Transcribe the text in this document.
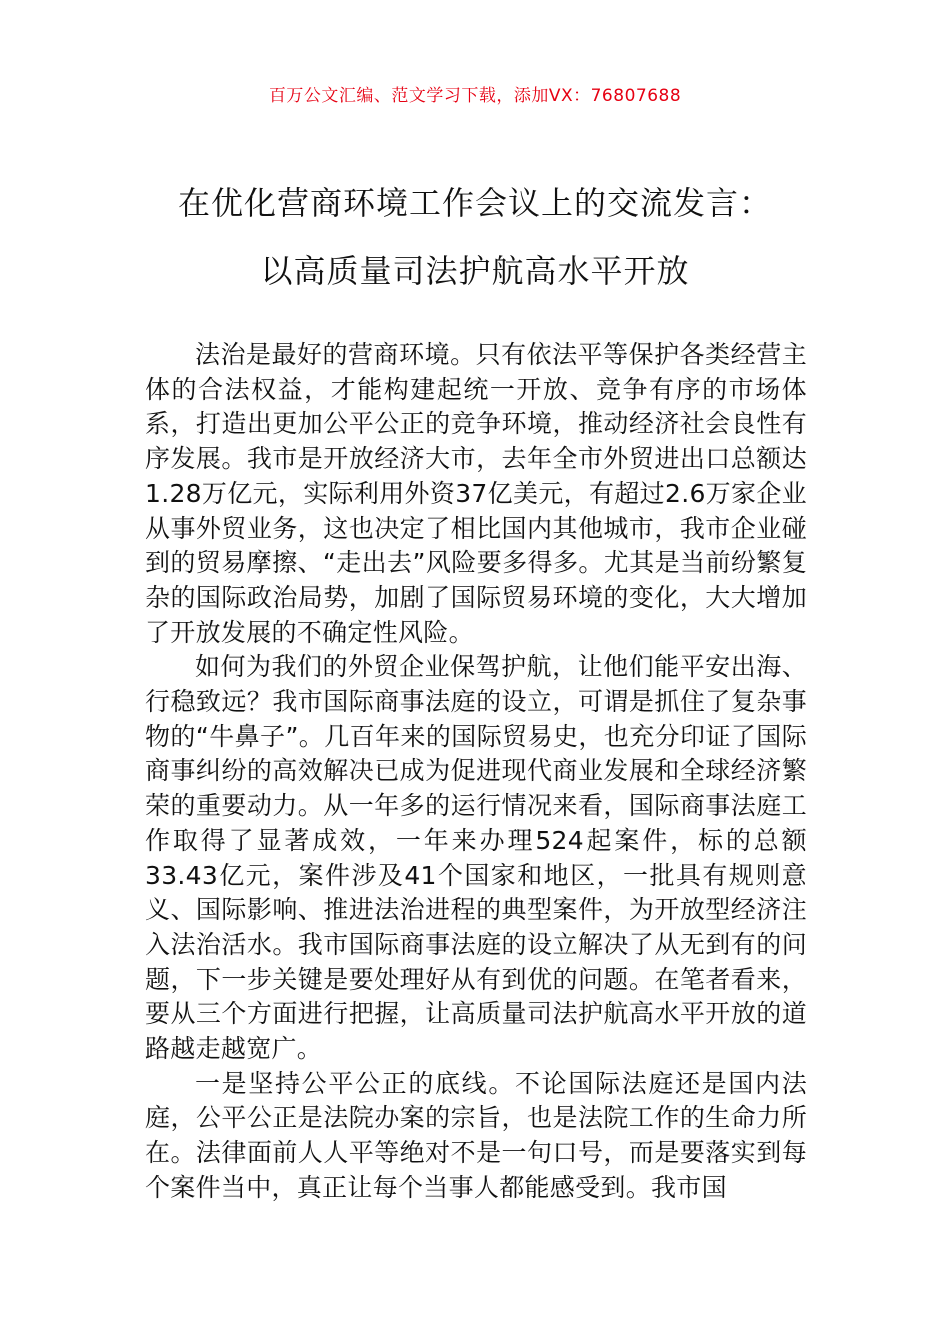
百万公文汇编、范文学习下载，添加VX：76807688
在优化营商环境工作会议上的交流发言：
以高质量司法护航高水平开放

法治是最好的营商环境。只有依法平等保护各类经营主体的合法权益，才能构建起统一开放、竞争有序的市场体系，打造出更加公平公正的竞争环境，推动经济社会良性有序发展。我市是开放经济大市，去年全市外贸进出口总额达1.28万亿元，实际利用外资37亿美元，有超过2.6万家企业从事外贸业务，这也决定了相比国内其他城市，我市企业碰到的贸易摩擦、“走出去”风险要多得多。尤其是当前纷繁复杂的国际政治局势，加剧了国际贸易环境的变化，大大增加了开放发展的不确定性风险。

如何为我们的外贸企业保驾护航，让他们能平安出海、行稳致远？我市国际商事法庭的设立，可谓是抓住了复杂事物的“牛鼻子”。几百年来的国际贸易史，也充分印证了国际商事纠纷的高效解决已成为促进现代商业发展和全球经济繁荣的重要动力。从一年多的运行情况来看，国际商事法庭工作取得了显著成效，一年来办理524起案件，标的总额33.43亿元，案件涉及41个国家和地区，一批具有规则意义、国际影响、推进法治进程的典型案件，为开放型经济注入法治活水。我市国际商事法庭的设立解决了从无到有的问题，下一步关键是要处理好从有到优的问题。在笔者看来，要从三个方面进行把握，让高质量司法护航高水平开放的道路越走越宽广。

一是坚持公平公正的底线。不论国际法庭还是国内法庭，公平公正是法院办案的宗旨，也是法院工作的生命力所在。法律面前人人平等绝对不是一句口号，而是要落实到每个案件当中，真正让每个当事人都能感受到。我市国
